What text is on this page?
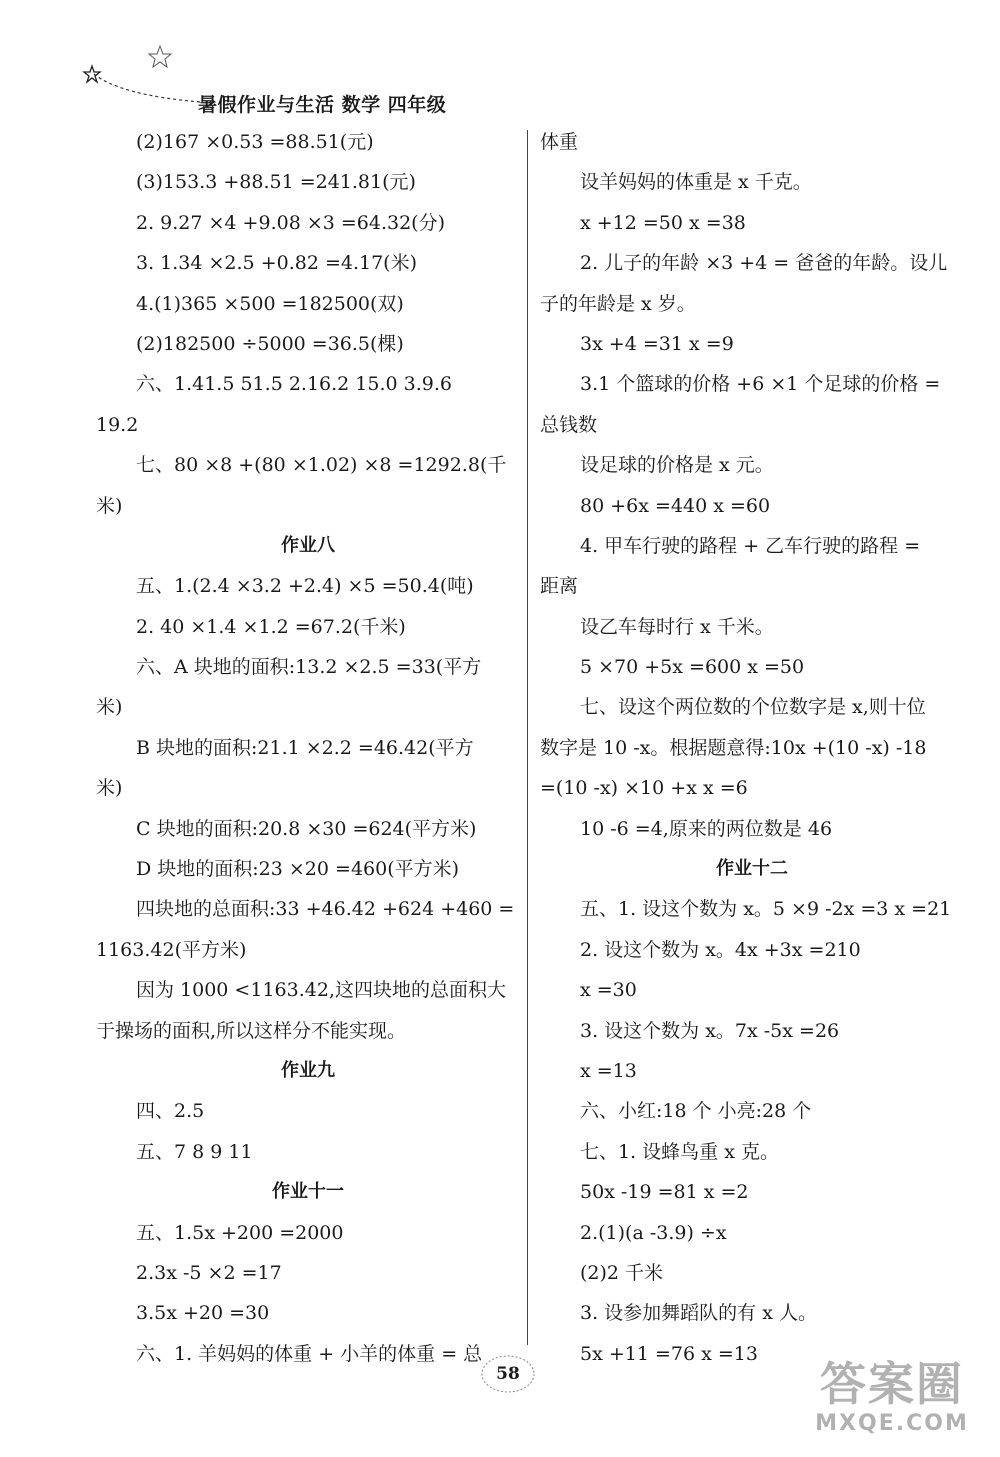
暑假作业与生活 数学 四年级
(2)167 ×0.53 =88.51(元)
(3)153.3 +88.51 =241.81(元)
2. 9.27 ×4 +9.08 ×3 =64.32(分)
3. 1.34 ×2.5 +0.82 =4.17(米)
4.(1)365 ×500 =182500(双)
(2)182500 ÷5000 =36.5(棵)
六、1.41.5 51.5 2.16.2 15.0 3.9.6
19.2
七、80 ×8 +(80 ×1.02) ×8 =1292.8(千
米)
作业八
五、1.(2.4 ×3.2 +2.4) ×5 =50.4(吨)
2. 40 ×1.4 ×1.2 =67.2(千米)
六、A 块地的面积:13.2 ×2.5 =33(平方
米)
B 块地的面积:21.1 ×2.2 =46.42(平方
米)
C 块地的面积:20.8 ×30 =624(平方米)
D 块地的面积:23 ×20 =460(平方米)
四块地的总面积:33 +46.42 +624 +460 =
1163.42(平方米)
因为 1000 <1163.42,这四块地的总面积大
于操场的面积,所以这样分不能实现。
作业九
四、2.5
五、7 8 9 11
作业十一
五、1.5x +200 =2000
2.3x -5 ×2 =17
3.5x +20 =30
六、1. 羊妈妈的体重 + 小羊的体重 = 总
体重
设羊妈妈的体重是 x 千克。
x +12 =50 x =38
2. 儿子的年龄 ×3 +4 = 爸爸的年龄。设儿
子的年龄是 x 岁。
3x +4 =31 x =9
3.1 个篮球的价格 +6 ×1 个足球的价格 =
总钱数
设足球的价格是 x 元。
80 +6x =440 x =60
4. 甲车行驶的路程 + 乙车行驶的路程 =
距离
设乙车每时行 x 千米。
5 ×70 +5x =600 x =50
七、设这个两位数的个位数字是 x,则十位
数字是 10 -x。根据题意得:10x +(10 -x) -18
=(10 -x) ×10 +x x =6
10 -6 =4,原来的两位数是 46
作业十二
五、1. 设这个数为 x。5 ×9 -2x =3 x =21
2. 设这个数为 x。4x +3x =210
x =30
3. 设这个数为 x。7x -5x =26
x =13
六、小红:18 个 小亮:28 个
七、1. 设蜂鸟重 x 克。
50x -19 =81 x =2
2.(1)(a -3.9) ÷x
(2)2 千米
3. 设参加舞蹈队的有 x 人。
5x +11 =76 x =13
58	答案圈
MXQE.COM
